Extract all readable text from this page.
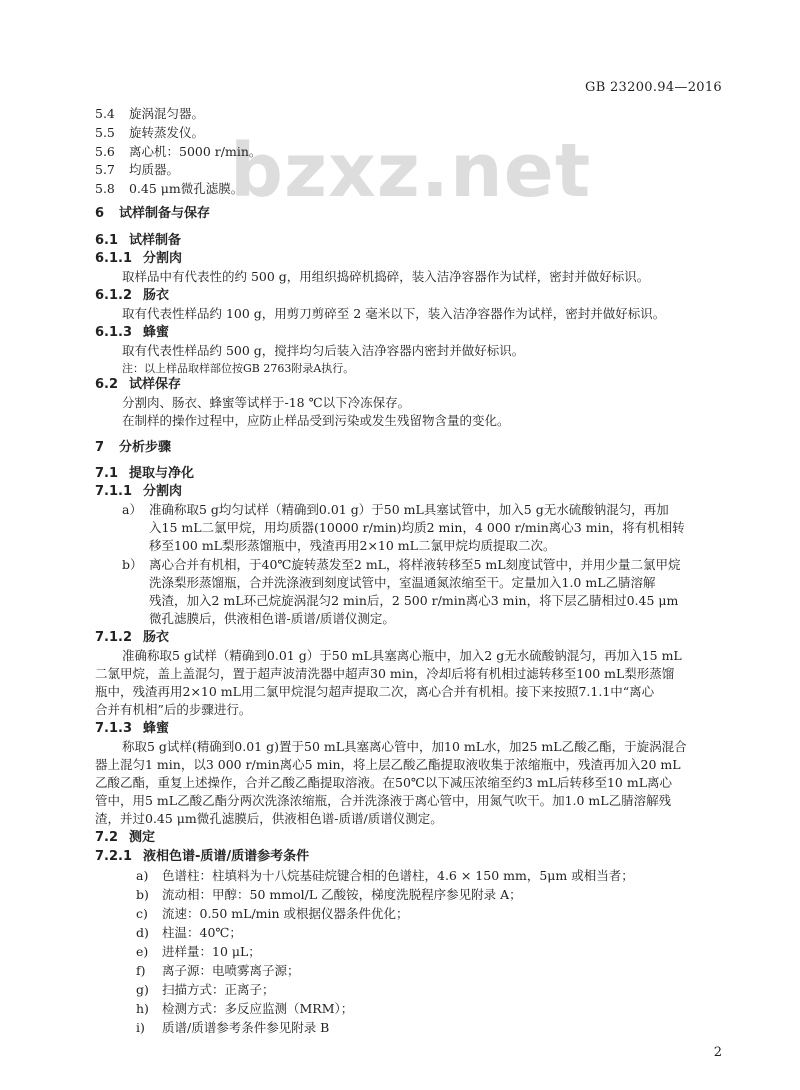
GB 23200.94—2016
bzxz.net
5.4 旋涡混匀器。
5.5 旋转蒸发仪。
5.6 离心机：5000 r/min。
5.7 均质器。
5.8 0.45 μm微孔滤膜。
6 试样制备与保存
6.1 试样制备
6.1.1 分割肉
取样品中有代表性的约 500 g，用组织捣碎机捣碎，装入洁净容器作为试样，密封并做好标识。
6.1.2 肠衣
取有代表性样品约 100 g，用剪刀剪碎至 2 毫米以下，装入洁净容器作为试样，密封并做好标识。
6.1.3 蜂蜜
取有代表性样品约 500 g，搅拌均匀后装入洁净容器内密封并做好标识。
注：以上样品取样部位按GB 2763附录A执行。
6.2 试样保存
分割肉、肠衣、蜂蜜等试样于-18 ℃以下冷冻保存。
在制样的操作过程中，应防止样品受到污染或发生残留物含量的变化。
7 分析步骤
7.1 提取与净化
7.1.1 分割肉
a） 准确称取5 g均匀试样（精确到0.01 g）于50 mL具塞试管中，加入5 g无水硫酸钠混匀，再加
入15 mL二氯甲烷，用均质器(10000 r/min)均质2 min，4 000 r/min离心3 min，将有机相转
移至100 mL梨形蒸馏瓶中，残渣再用2×10 mL二氯甲烷均质提取二次。
b） 离心合并有机相，于40℃旋转蒸发至2 mL，将样液转移至5 mL刻度试管中，并用少量二氯甲烷
洗涤梨形蒸馏瓶，合并洗涤液到刻度试管中，室温通氮浓缩至干。定量加入1.0 mL乙腈溶解
残渣，加入2 mL环己烷旋涡混匀2 min后，2 500 r/min离心3 min，将下层乙腈相过0.45 μm
微孔滤膜后，供液相色谱-质谱/质谱仪测定。
7.1.2 肠衣
准确称取5 g试样（精确到0.01 g）于50 mL具塞离心瓶中，加入2 g无水硫酸钠混匀，再加入15 mL
二氯甲烷，盖上盖混匀，置于超声波清洗器中超声30 min，冷却后将有机相过滤转移至100 mL梨形蒸馏
瓶中，残渣再用2×10 mL用二氯甲烷混匀超声提取二次，离心合并有机相。接下来按照7.1.1中“离心
合并有机相”后的步骤进行。
7.1.3 蜂蜜
称取5 g试样(精确到0.01 g)置于50 mL具塞离心管中，加10 mL水，加25 mL乙酸乙酯，于旋涡混合
器上混匀1 min，以3 000 r/min离心5 min，将上层乙酸乙酯提取液收集于浓缩瓶中，残渣再加入20 mL
乙酸乙酯，重复上述操作，合并乙酸乙酯提取溶液。在50℃以下减压浓缩至约3 mL后转移至10 mL离心
管中，用5 mL乙酸乙酯分两次洗涤浓缩瓶，合并洗涤液于离心管中，用氮气吹干。加1.0 mL乙腈溶解残
渣，并过0.45 μm微孔滤膜后，供液相色谱-质谱/质谱仪测定。
7.2 测定
7.2.1 液相色谱-质谱/质谱参考条件
a) 色谱柱：柱填料为十八烷基硅烷键合相的色谱柱，4.6 × 150 mm，5μm 或相当者；
b) 流动相：甲醇：50 mmol/L 乙酸铵，梯度洗脱程序参见附录 A；
c) 流速：0.50 mL/min 或根据仪器条件优化；
d) 柱温：40℃；
e) 进样量：10 μL；
f) 离子源：电喷雾离子源；
g) 扫描方式：正离子；
h) 检测方式：多反应监测（MRM）；
i) 质谱/质谱参考条件参见附录 B
2
